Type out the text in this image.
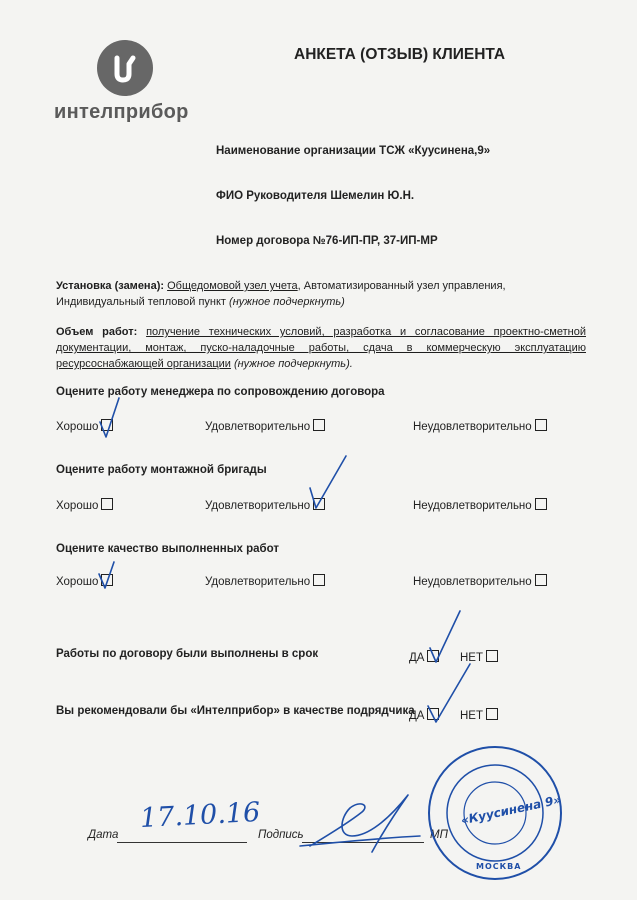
интелприбор
АНКЕТА (ОТЗЫВ) КЛИЕНТА
Наименование организации ТСЖ «Куусинена,9»
ФИО Руководителя Шемелин Ю.Н.
Номер договора №76-ИП-ПР, 37-ИП-МР
Установка (замена): Общедомовой узел учета, Автоматизированный узел управления, Индивидуальный тепловой пункт (нужное подчеркнуть)
Объем работ: получение технических условий, разработка и согласование проектно-сметной документации, монтаж, пуско-наладочные работы, сдача в коммерческую эксплуатацию ресурсоснабжающей организации (нужное подчеркнуть).
Оцените работу менеджера по сопровождению договора
Хорошо	Удовлетворительно	Неудовлетворительно
Оцените работу монтажной бригады
Хорошо	Удовлетворительно	Неудовлетворительно
Оцените качество выполненных работ
Хорошо	Удовлетворительно	Неудовлетворительно
Работы по договору были выполнены в срок	ДА	НЕТ
Вы рекомендовали бы «Интелприбор» в качестве подрядчика
ДА	НЕТ
Дата
17.10.16
Подпись	МП
«Куусинена 9»
МОСКВА
